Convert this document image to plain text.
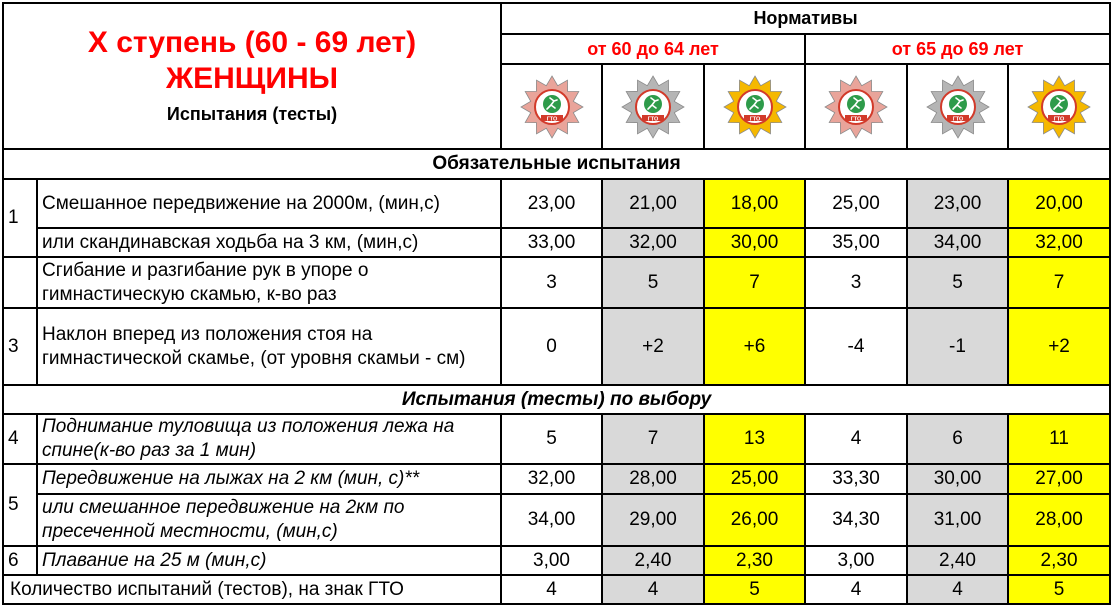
X ступень (60 - 69 лет)
ЖЕНЩИНЫ
Испытания (тесты)		Нормативы					
		от 60 до 64 лет			от 65 до 69 лет		

ГТО	ГТО	ГТО	ГТО	ГТО	ГТО

Обязательные испытания							
1	Смешанное передвижение на 2000м, (мин,с)	23,00	21,00	18,00	25,00	23,00	20,00
	или скандинавская ходьба на 3 км, (мин,с)	33,00	32,00	30,00	35,00	34,00	32,00
	Сгибание и разгибание рук в упоре о гимнастическую скамью, к-во раз	3	5	7	3	5	7
3	Наклон вперед из положения стоя на гимнастической скамье, (от уровня скамьи - см)	0	+2	+6	-4	-1	+2
Испытания (тесты) по выбору							
4	Поднимание туловища из положения лежа на спине(к-во раз за 1 мин)	5	7	13	4	6	11
5	Передвижение на лыжах на 2 км (мин, с)**	32,00	28,00	25,00	33,30	30,00	27,00
	или смешанное передвижение на 2км по пресеченной местности, (мин,с)	34,00	29,00	26,00	34,30	31,00	28,00
6	Плавание на 25 м (мин,с)	3,00	2,40	2,30	3,00	2,40	2,30
Количество испытаний (тестов), на знак ГТО		4	4	5	4	4	5
